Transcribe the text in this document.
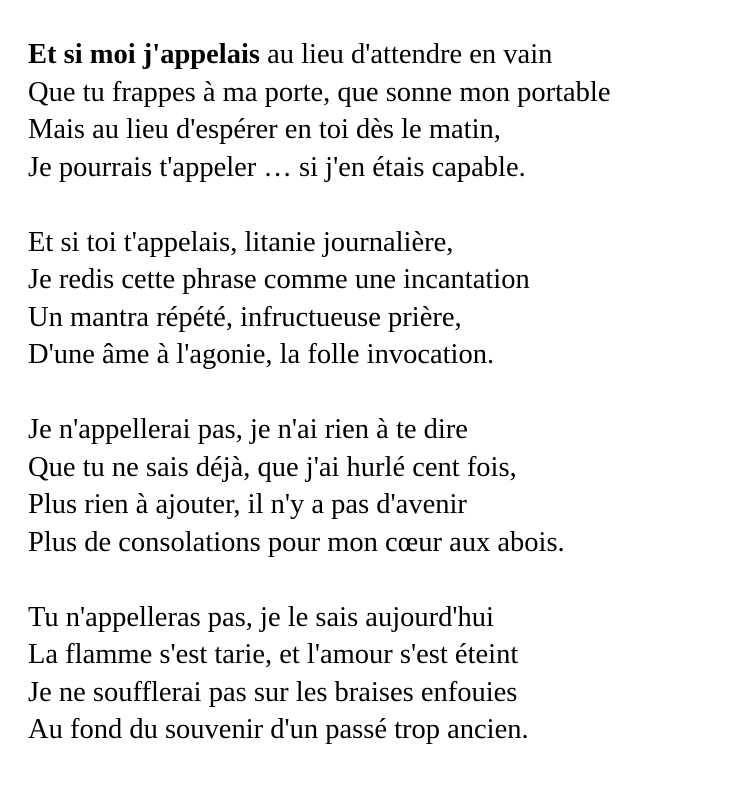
Et si moi j'appelais au lieu d'attendre en vain
Que tu frappes à ma porte, que sonne mon portable
Mais au lieu d'espérer en toi dès le matin,
Je pourrais t'appeler … si j'en étais capable.
Et si toi t'appelais, litanie journalière,
Je redis cette phrase comme une incantation
Un mantra répété, infructueuse prière,
D'une âme à l'agonie, la folle invocation.
Je n'appellerai pas, je n'ai rien à te dire
Que tu ne sais déjà, que j'ai hurlé cent fois,
Plus rien à ajouter, il n'y a pas d'avenir
Plus de consolations pour mon cœur aux abois.
Tu n'appelleras pas, je le sais aujourd'hui
La flamme s'est tarie, et l'amour s'est éteint
Je ne soufflerai pas sur les braises enfouies
Au fond du souvenir d'un passé trop ancien.
